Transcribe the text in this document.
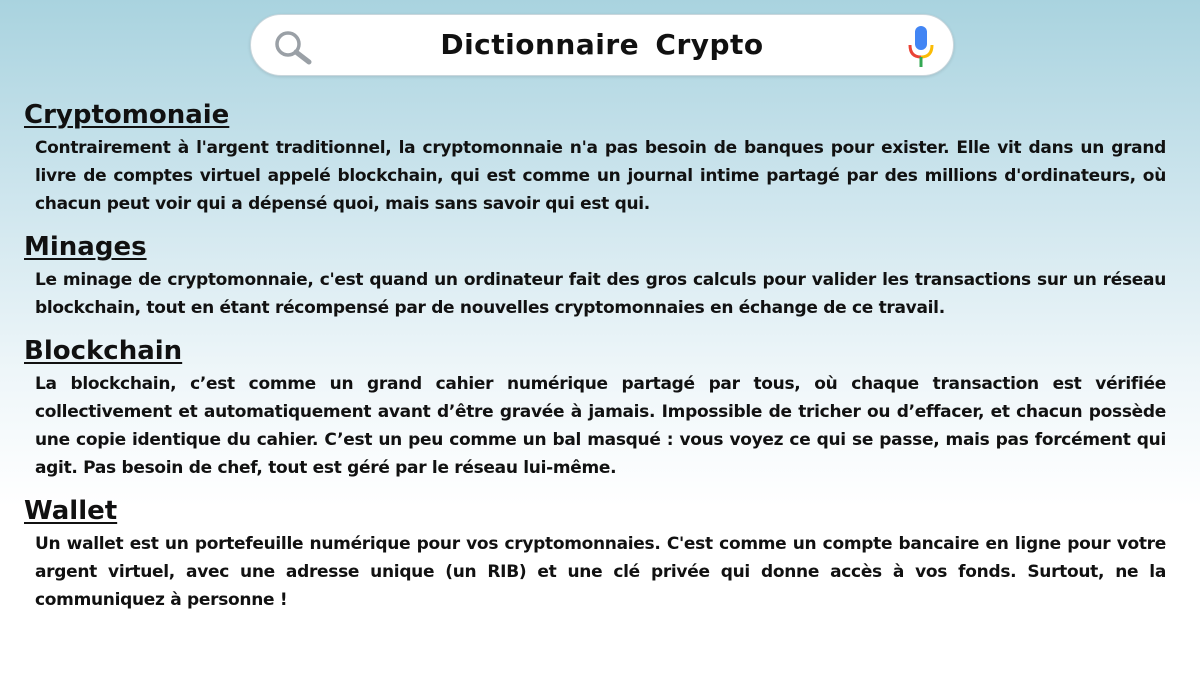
Dictionnaire Crypto
Cryptomonaie

Contrairement à l'argent traditionnel, la cryptomonnaie n'a pas besoin de banques pour exister. Elle vit dans un grand livre de comptes virtuel appelé blockchain, qui est comme un journal intime partagé par des millions d'ordinateurs, où chacun peut voir qui a dépensé quoi, mais sans savoir qui est qui.

Minages

Le minage de cryptomonnaie, c'est quand un ordinateur fait des gros calculs pour valider les transactions sur un réseau blockchain, tout en étant récompensé par de nouvelles cryptomonnaies en échange de ce travail.

Blockchain

La blockchain, c’est comme un grand cahier numérique partagé par tous, où chaque transaction est vérifiée collectivement et automatiquement avant d’être gravée à jamais. Impossible de tricher ou d’effacer, et chacun possède une copie identique du cahier. C’est un peu comme un bal masqué : vous voyez ce qui se passe, mais pas forcément qui agit. Pas besoin de chef, tout est géré par le réseau lui-même.

Wallet

Un wallet est un portefeuille numérique pour vos cryptomonnaies. C'est comme un compte bancaire en ligne pour votre argent virtuel, avec une adresse unique (un RIB) et une clé privée qui donne accès à vos fonds. Surtout, ne la communiquez à personne !
